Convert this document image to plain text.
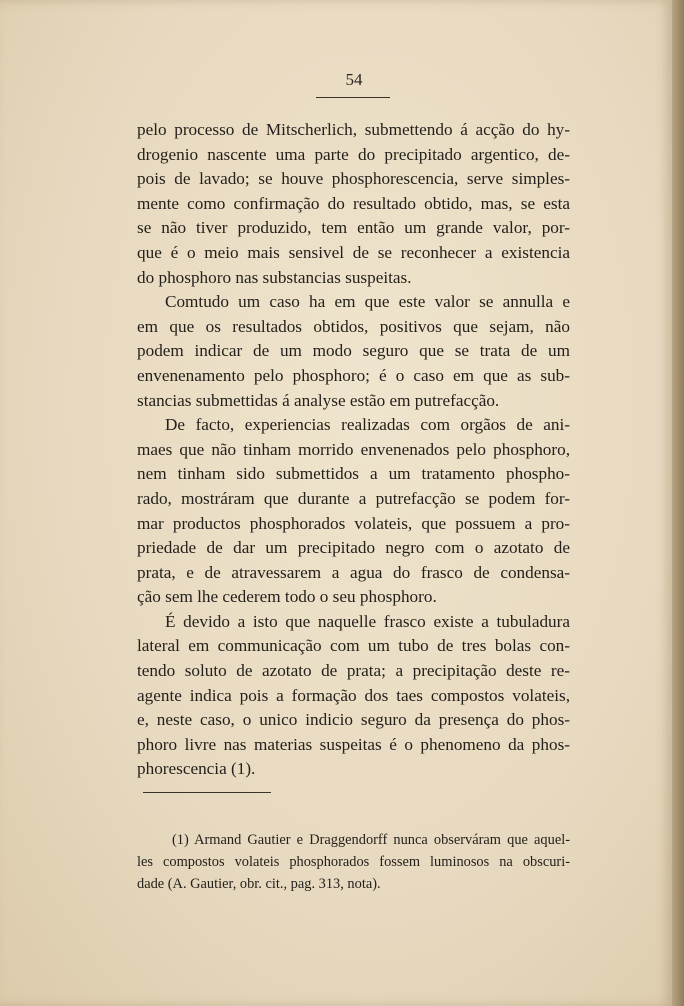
54

pelo processo de Mitscherlich, submettendo á acção do hy-
drogenio nascente uma parte do precipitado argentico, de-
pois de lavado; se houve phosphorescencia, serve simples-
mente como confirmação do resultado obtido, mas, se esta
se não tiver produzido, tem então um grande valor, por-
que é o meio mais sensivel de se reconhecer a existencia
do phosphoro nas substancias suspeitas.

Comtudo um caso ha em que este valor se annulla e
em que os resultados obtidos, positivos que sejam, não
podem indicar de um modo seguro que se trata de um
envenenamento pelo phosphoro; é o caso em que as sub-
stancias submettidas á analyse estão em putrefacção.

De facto, experiencias realizadas com orgãos de ani-
maes que não tinham morrido envenenados pelo phosphoro,
nem tinham sido submettidos a um tratamento phospho-
rado, mostráram que durante a putrefacção se podem for-
mar productos phosphorados volateis, que possuem a pro-
priedade de dar um precipitado negro com o azotato de
prata, e de atravessarem a agua do frasco de condensa-
ção sem lhe cederem todo o seu phosphoro.

É devido a isto que naquelle frasco existe a tubuladura
lateral em communicação com um tubo de tres bolas con-
tendo soluto de azotato de prata; a precipitação deste re-
agente indica pois a formação dos taes compostos volateis,
e, neste caso, o unico indicio seguro da presença do phos-
phoro livre nas materias suspeitas é o phenomeno da phos-
phorescencia (1).

(1) Armand Gautier e Draggendorff nunca observáram que aquel-
les compostos volateis phosphorados fossem luminosos na obscuri-
dade (A. Gautier, obr. cit., pag. 313, nota).
